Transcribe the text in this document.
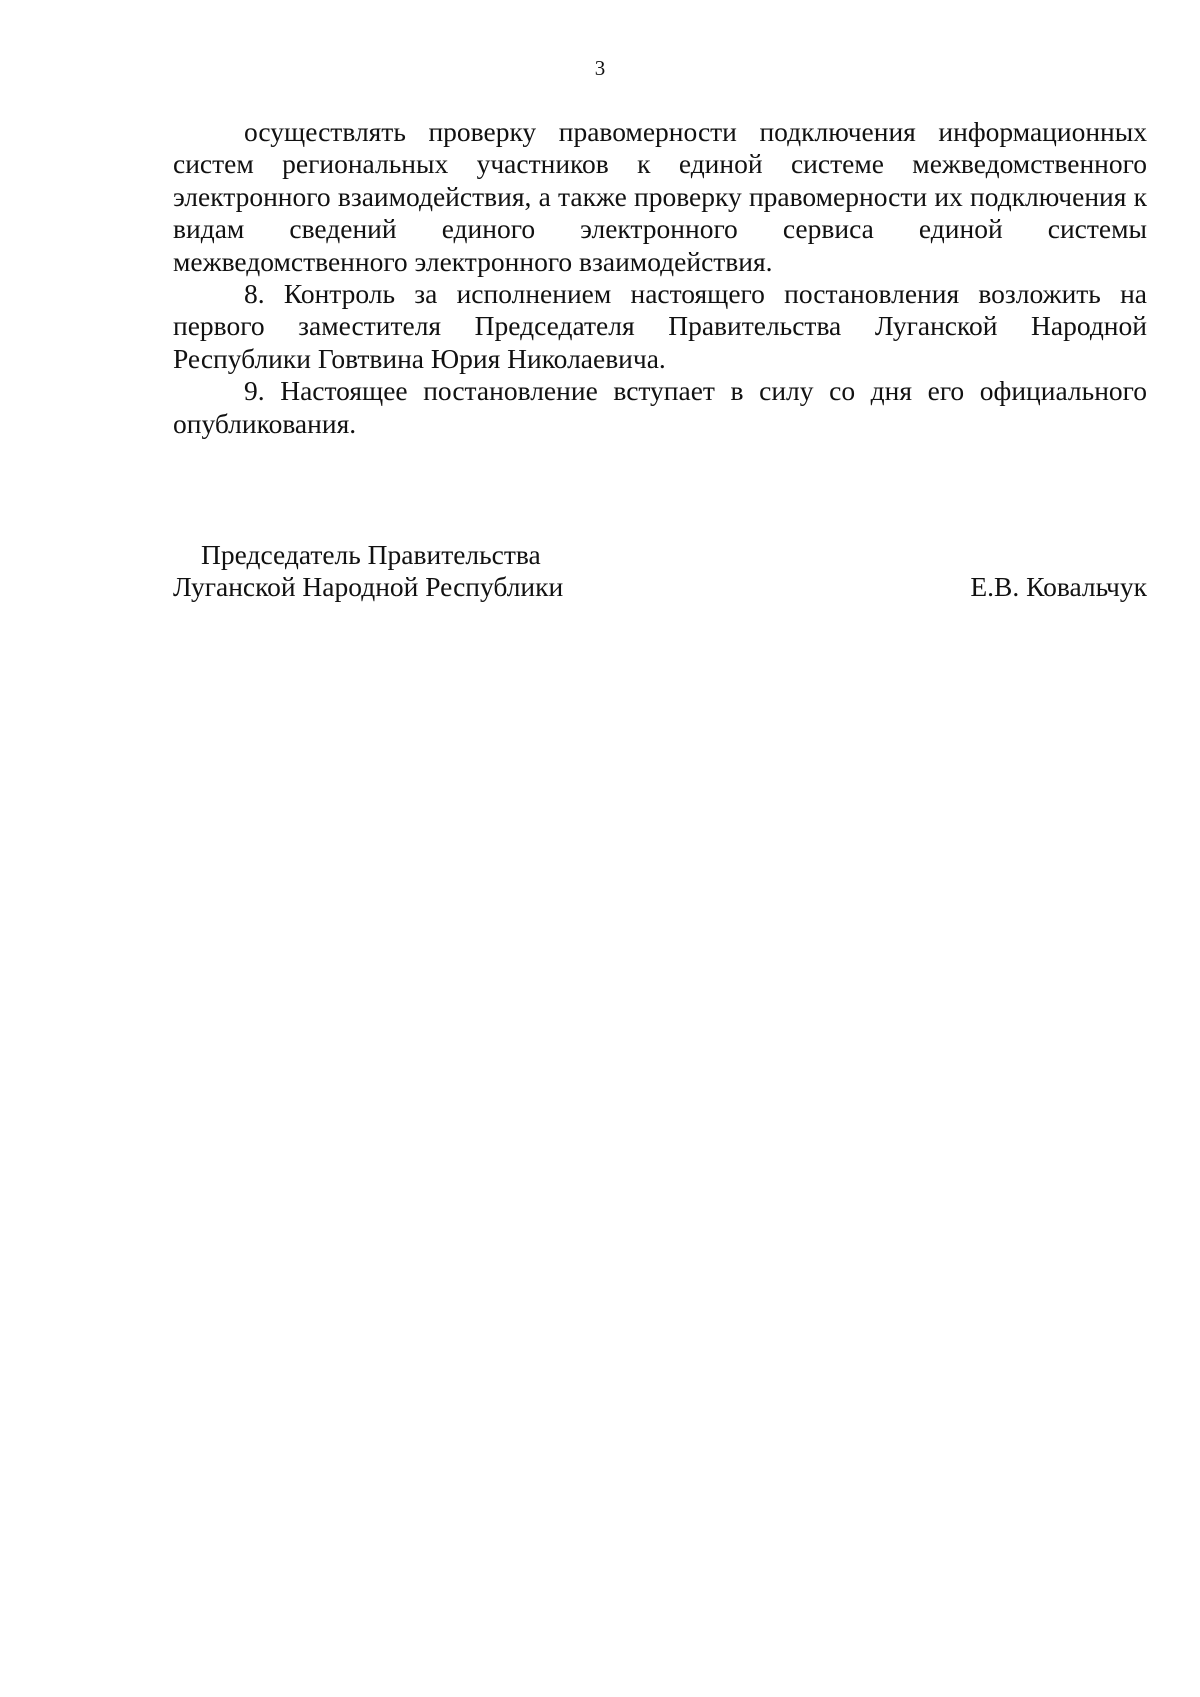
3

осуществлять проверку правомерности подключения информационных систем региональных участников к единой системе межведомственного электронного взаимодействия, а также проверку правомерности их подключения к видам сведений единого электронного сервиса единой системы межведомственного электронного взаимодействия.

8. Контроль за исполнением настоящего постановления возложить на первого заместителя Председателя Правительства Луганской Народной Республики Говтвина Юрия Николаевича.

9. Настоящее постановление вступает в силу со дня его официального опубликования.

Председатель Правительства
Луганской Народной Республики	Е.В. Ковальчук
